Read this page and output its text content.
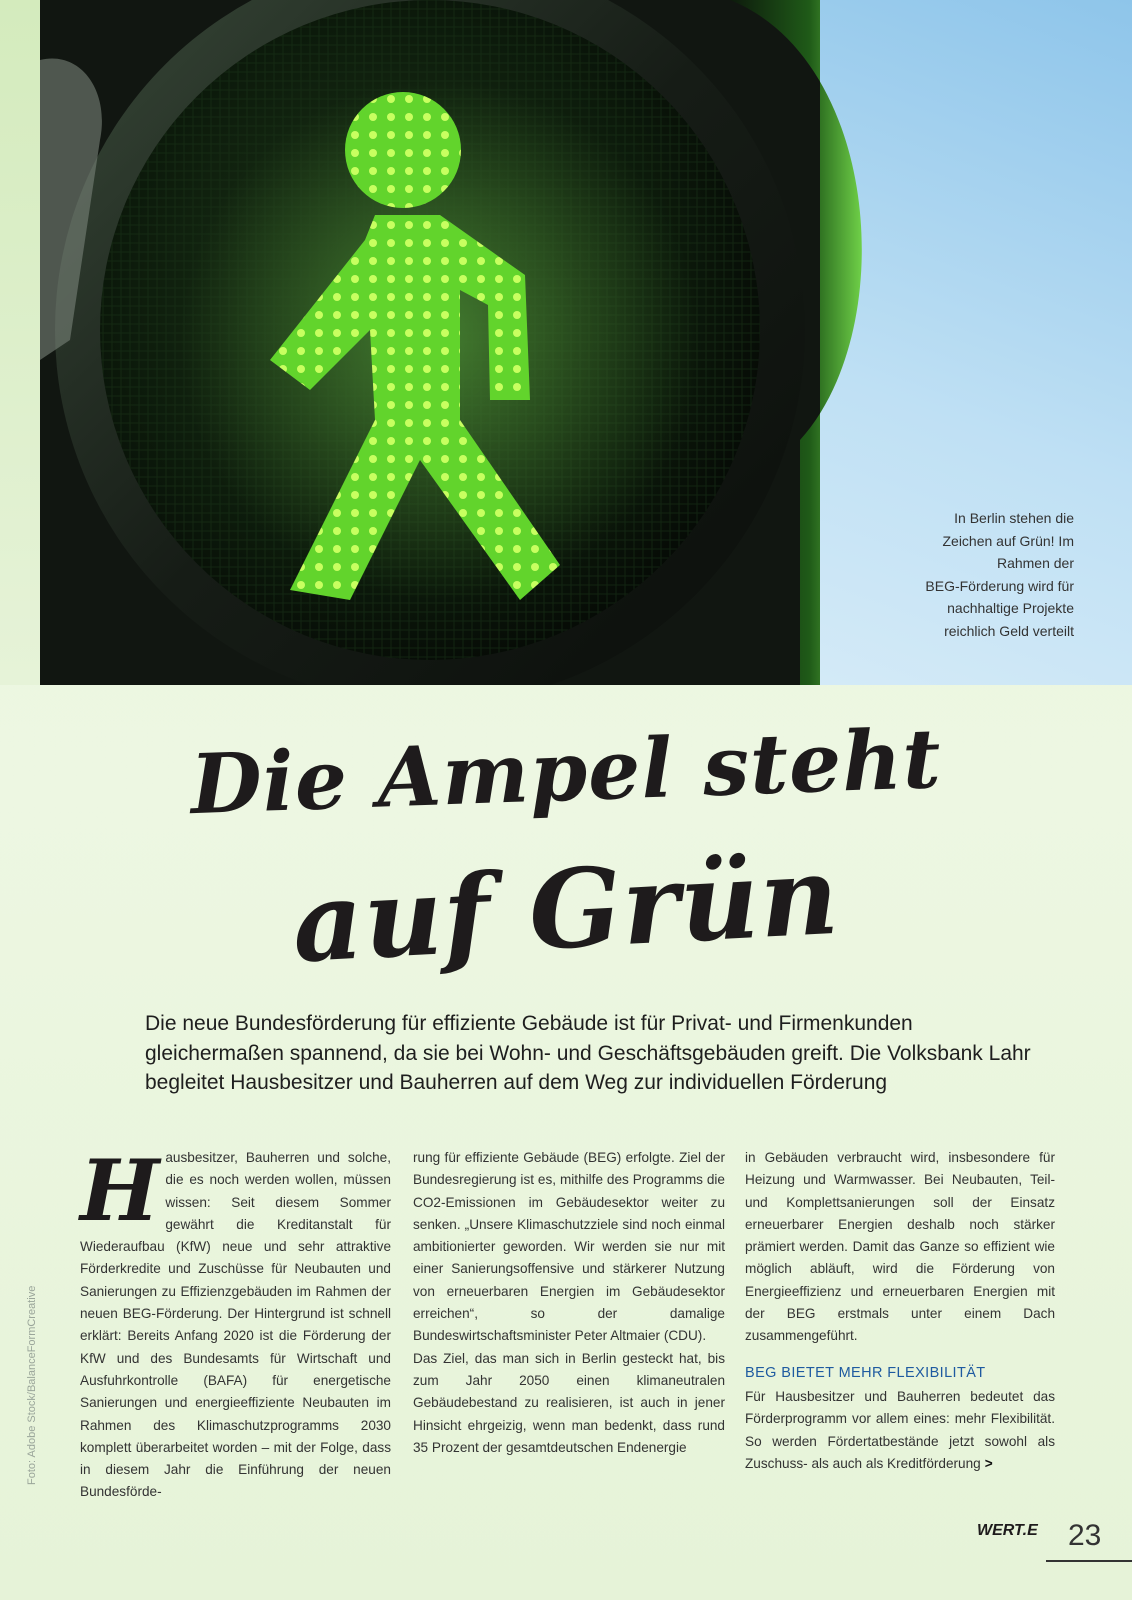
In Berlin stehen die
Zeichen auf Grün! Im
Rahmen der
BEG-Förderung wird für
nachhaltige Projekte
reichlich Geld verteilt
Die Ampel steht
auf Grün
Die neue Bundesförderung für effiziente Gebäude ist für Privat- und Firmenkunden gleichermaßen spannend, da sie bei Wohn- und Geschäftsgebäuden greift. Die Volksbank Lahr begleitet Hausbesitzer und Bauherren auf dem Weg zur individuellen Förderung

Hausbesitzer, Bauherren und solche, die es noch werden wollen, müssen wissen: Seit diesem Sommer gewährt die Kreditanstalt für Wiederaufbau (KfW) neue und sehr attraktive Förderkredite und Zuschüsse für Neubauten und Sanierungen zu Effizienzgebäuden im Rahmen der neuen BEG-Förderung. Der Hintergrund ist schnell erklärt: Bereits Anfang 2020 ist die Förderung der KfW und des Bundesamts für Wirtschaft und Ausfuhrkontrolle (BAFA) für energetische Sanierungen und energieeffiziente Neubauten im Rahmen des Klimaschutzprogramms 2030 komplett überarbeitet worden – mit der Folge, dass in diesem Jahr die Einführung der neuen Bundesförde-

rung für effiziente Gebäude (BEG) erfolgte. Ziel der Bundesregierung ist es, mithilfe des Programms die CO2-Emissionen im Gebäudesektor weiter zu senken. „Unsere Klimaschutzziele sind noch einmal ambitionierter geworden. Wir werden sie nur mit einer Sanierungsoffensive und stärkerer Nutzung von erneuerbaren Energien im Gebäudesektor erreichen“, so der damalige Bundeswirtschaftsminister Peter Altmaier (CDU).

Das Ziel, das man sich in Berlin gesteckt hat, bis zum Jahr 2050 einen klimaneutralen Gebäudebestand zu realisieren, ist auch in jener Hinsicht ehrgeizig, wenn man bedenkt, dass rund 35 Prozent der gesamtdeutschen Endenergie

in Gebäuden verbraucht wird, insbesondere für Heizung und Warmwasser. Bei Neubauten, Teil- und Komplettsanierungen soll der Einsatz erneuerbarer Energien deshalb noch stärker prämiert werden. Damit das Ganze so effizient wie möglich abläuft, wird die Förderung von Energieeffizienz und erneuerbaren Energien mit der BEG erstmals unter einem Dach zusammengeführt.

BEG BIETET MEHR FLEXIBILITÄT

Für Hausbesitzer und Bauherren bedeutet das Förderprogramm vor allem eines: mehr Flexibilität. So werden Fördertatbestände jetzt sowohl als Zuschuss- als auch als Kreditförderung >

Foto: Adobe Stock/BalanceFormCreative
WERT.E 23
